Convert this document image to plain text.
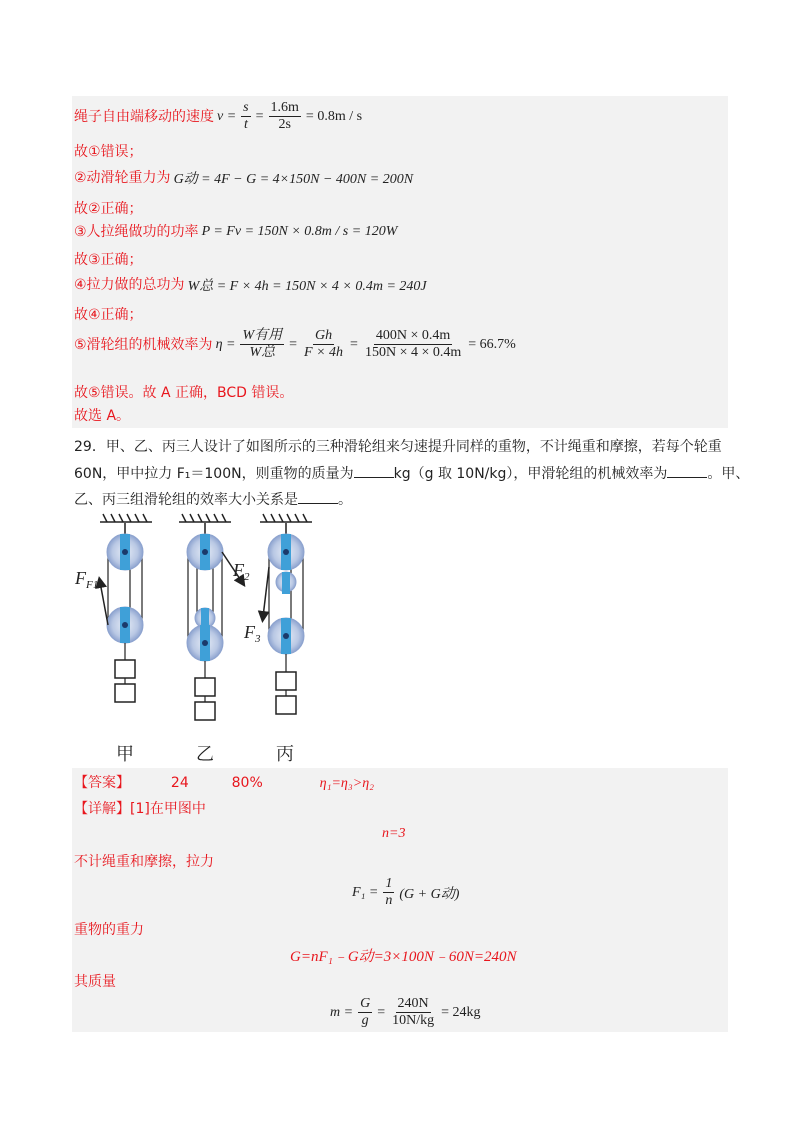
绳子自由端移动的速度 $v = \frac{s}{t} = \frac{1.6m}{2s} = 0.8m / s$
故①错误；
②动滑轮重力为 G动 = 4F − G = 4×150N − 400N = 200N
故②正确；
③人拉绳做功的功率 P = Fv = 150N × 0.8m / s = 120W
故③正确；
④拉力做的总功为 W总 = F × 4h = 150N × 4 × 0.4m = 240J
故④正确；
⑤滑轮组的机械效率为 $\eta = \frac{\text{W有用}}{\text{W总}} = \frac{Gh}{F \times 4h} = \frac{400N \times 0.4m}{150N \times 4 \times 0.4m} = 66.7\%$
故⑤错误。故 A 正确，BCD 错误。
故选 A。
29．甲、乙、丙三人设计了如图所示的三种滑轮组来匀速提升同样的重物，不计绳重和摩擦，若每个轮重
60N，甲中拉力 F₁＝100N，则重物的质量为	kg（g 取 10N/kg），甲滑轮组的机械效率为	。甲、
乙、丙三组滑轮组的效率大小关系是	。
$F_{F1}$
$F_2$
$F_3$
甲	乙	丙
【答案】	24	80%	η₁=η₃>η₂
【详解】[1]在甲图中
n=3
不计绳重和摩擦，拉力
$F_1 = \frac{1}{n} (G + G$动)
重物的重力
G=nF₁﹣G动=3×100N﹣60N=240N
其质量
$m = \frac{G}{g} = \frac{240N}{10N/kg} = 24kg$
